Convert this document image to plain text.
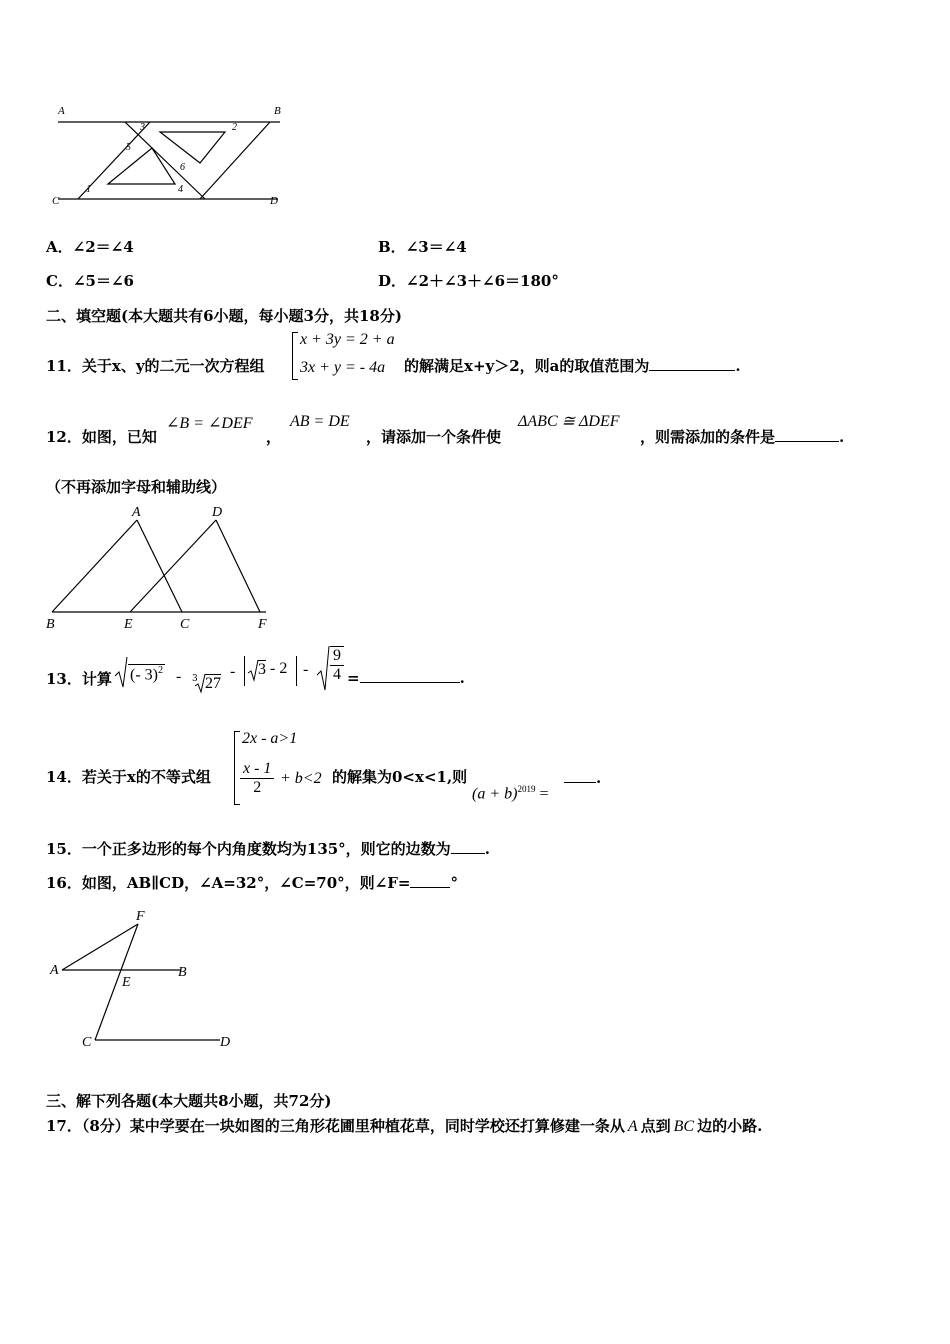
A	B
C	D
1
2
3
4
5
6
A．∠2＝∠4	B．∠3＝∠4
C．∠5＝∠6	D．∠2＋∠3＋∠6＝180°
二、填空题(本大题共有6小题，每小题3分，共18分)
11．关于x、y的二元一次方程组
x + 3y = 2 + a
3x + y = - 4a 的解满足x+y＞2，则a的取值范围为	.
12．如图，已知
∠B = ∠DEF
，
AB = DE
，请添加一个条件使
ΔABC ≅ ΔDEF
，则需添加的条件是	.
（不再添加字母和辅助线）
A	D
B	E	C	F
13．计算 (- 3)$^2$ - 3 27
- $3 - 2 - \frac{9}{4}$ =	.
14．若关于x的不等式组
2x - a>1
$\frac{x - 1}{2} + b<2$ 的解集为0<x<1,则
$(a + b)^{2019}$ =
.
15．一个正多边形的每个内角度数均为135°，则它的边数为 .
16．如图，AB∥CD，∠A=32°，∠C=70°，则∠F=	°
F
A	B
E
C	D
三、解下列各题(本大题共8小题，共72分)
17．（8分）某中学要在一块如图的三角形花圃里种植花草，同时学校还打算修建一条从 A 点到 BC 边的小路.
